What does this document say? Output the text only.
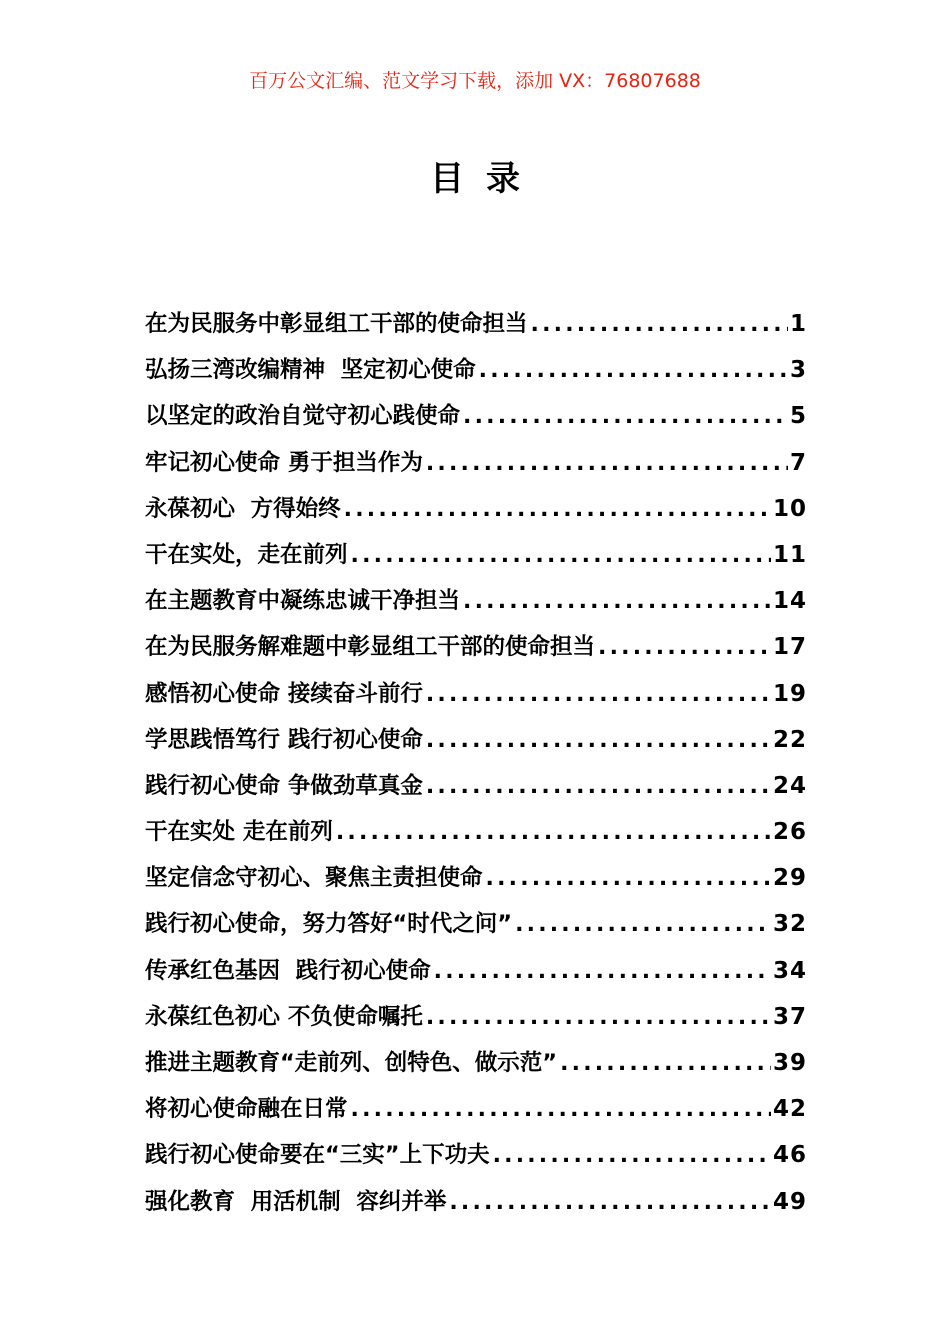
百万公文汇编、范文学习下载，添加 VX：76807688
目录
在为民服务中彰显组工干部的使命担当 .....	1
弘扬三湾改编精神  坚定初心使命 .....	3
以坚定的政治自觉守初心践使命 .....	5
牢记初心使命 勇于担当作为 .....	7
永葆初心  方得始终 .....	10
干在实处，走在前列 .....	11
在主题教育中凝练忠诚干净担当 .....	14
在为民服务解难题中彰显组工干部的使命担当 .....	17
感悟初心使命 接续奋斗前行 .....	19
学思践悟笃行 践行初心使命 .....	22
践行初心使命 争做劲草真金 .....	24
干在实处 走在前列 .....	26
坚定信念守初心、聚焦主责担使命 .....	29
践行初心使命，努力答好“时代之问” .....	32
传承红色基因  践行初心使命 .....	34
永葆红色初心 不负使命嘱托 .....	37
推进主题教育“走前列、创特色、做示范” .....	39
将初心使命融在日常 .....	42
践行初心使命要在“三实”上下功夫 .....	46
强化教育  用活机制  容纠并举 .....	49
